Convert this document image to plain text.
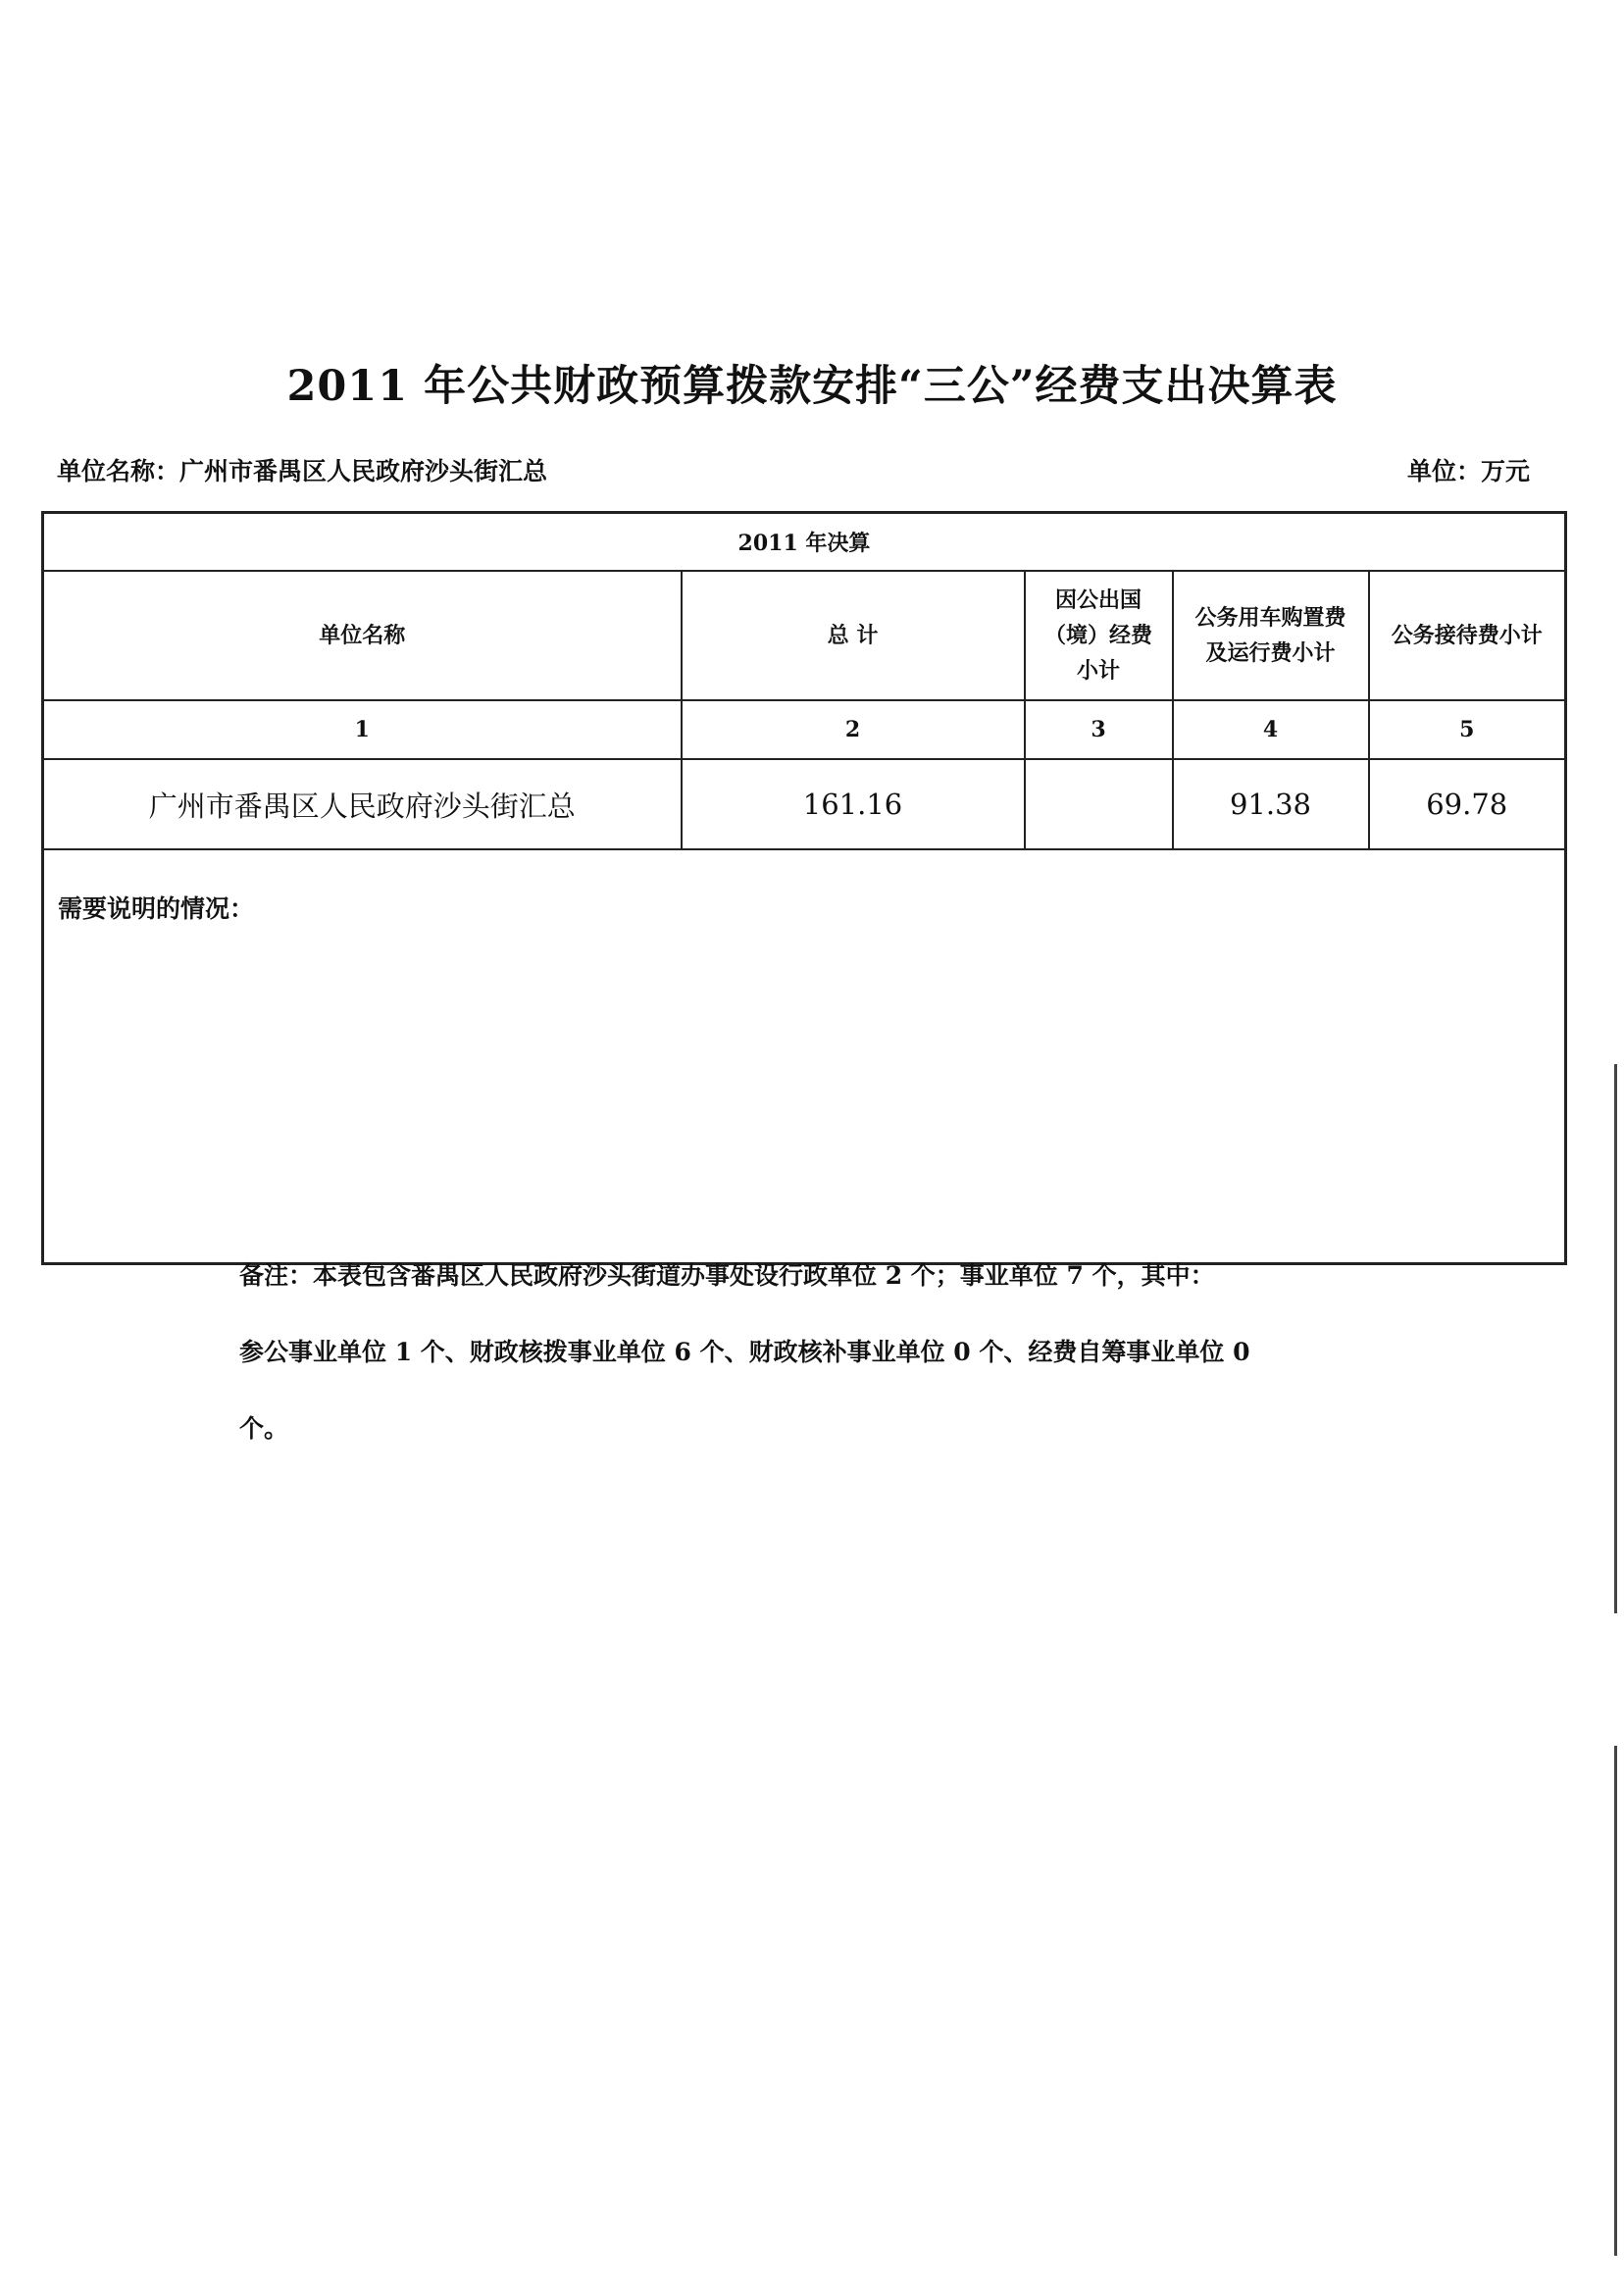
2011 年公共财政预算拨款安排“三公”经费支出决算表
单位名称：广州市番禺区人民政府沙头街汇总	单位：万元
2011 年决算				
单位名称	总 计	因公出国（境）经费小计	公务用车购置费及运行费小计	公务接待费小计

1	2	3	4	5
广州市番禺区人民政府沙头街汇总	161.16		91.38	69.78
需要说明的情况：				

备注：本表包含番禺区人民政府沙头街道办事处设行政单位 2 个；事业单位 7 个，其中：

参公事业单位 1 个、财政核拨事业单位 6 个、财政核补事业单位 0 个、经费自筹事业单位 0

个。
